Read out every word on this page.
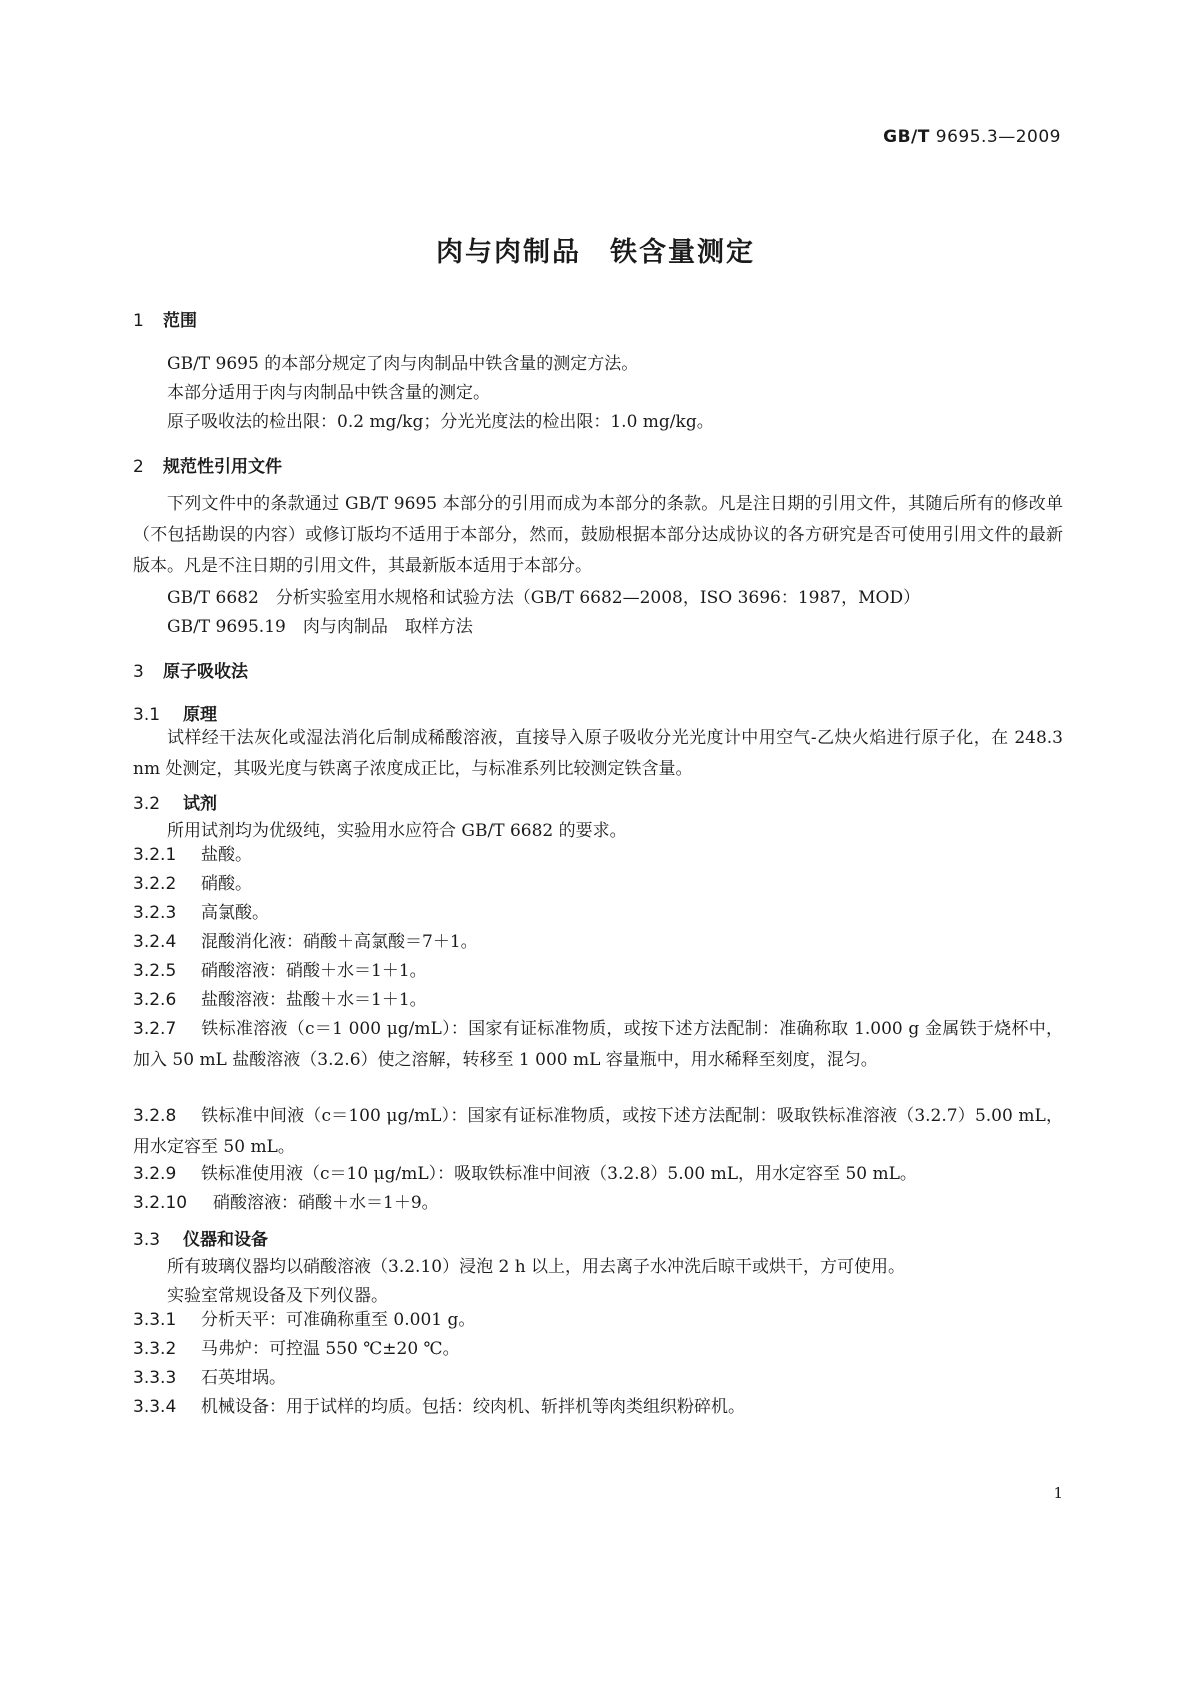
GB/T 9695.3—2009
肉与肉制品　铁含量测定
1 范围
GB/T 9695 的本部分规定了肉与肉制品中铁含量的测定方法。
本部分适用于肉与肉制品中铁含量的测定。
原子吸收法的检出限：0.2 mg/kg；分光光度法的检出限：1.0 mg/kg。
2 规范性引用文件
下列文件中的条款通过 GB/T 9695 本部分的引用而成为本部分的条款。凡是注日期的引用文件，其随后所有的修改单（不包括勘误的内容）或修订版均不适用于本部分，然而，鼓励根据本部分达成协议的各方研究是否可使用引用文件的最新版本。凡是不注日期的引用文件，其最新版本适用于本部分。
GB/T 6682　分析实验室用水规格和试验方法（GB/T 6682—2008，ISO 3696：1987，MOD）
GB/T 9695.19　肉与肉制品　取样方法
3 原子吸收法
3.1 原理
试样经干法灰化或湿法消化后制成稀酸溶液，直接导入原子吸收分光光度计中用空气-乙炔火焰进行原子化，在 248.3 nm 处测定，其吸光度与铁离子浓度成正比，与标准系列比较测定铁含量。
3.2 试剂
所用试剂均为优级纯，实验用水应符合 GB/T 6682 的要求。
3.2.1 盐酸。
3.2.2 硝酸。
3.2.3 高氯酸。
3.2.4 混酸消化液：硝酸＋高氯酸＝7＋1。
3.2.5 硝酸溶液：硝酸＋水＝1＋1。
3.2.6 盐酸溶液：盐酸＋水＝1＋1。
3.2.7 铁标准溶液（c＝1 000 μg/mL）：国家有证标准物质，或按下述方法配制：准确称取 1.000 g 金属铁于烧杯中，加入 50 mL 盐酸溶液（3.2.6）使之溶解，转移至 1 000 mL 容量瓶中，用水稀释至刻度，混匀。
3.2.8 铁标准中间液（c＝100 μg/mL）：国家有证标准物质，或按下述方法配制：吸取铁标准溶液（3.2.7）5.00 mL，用水定容至 50 mL。
3.2.9 铁标准使用液（c＝10 μg/mL）：吸取铁标准中间液（3.2.8）5.00 mL，用水定容至 50 mL。
3.2.10 硝酸溶液：硝酸＋水＝1＋9。
3.3 仪器和设备
所有玻璃仪器均以硝酸溶液（3.2.10）浸泡 2 h 以上，用去离子水冲洗后晾干或烘干，方可使用。
实验室常规设备及下列仪器。
3.3.1 分析天平：可准确称重至 0.001 g。
3.3.2 马弗炉：可控温 550 ℃±20 ℃。
3.3.3 石英坩埚。
3.3.4 机械设备：用于试样的均质。包括：绞肉机、斩拌机等肉类组织粉碎机。
1
